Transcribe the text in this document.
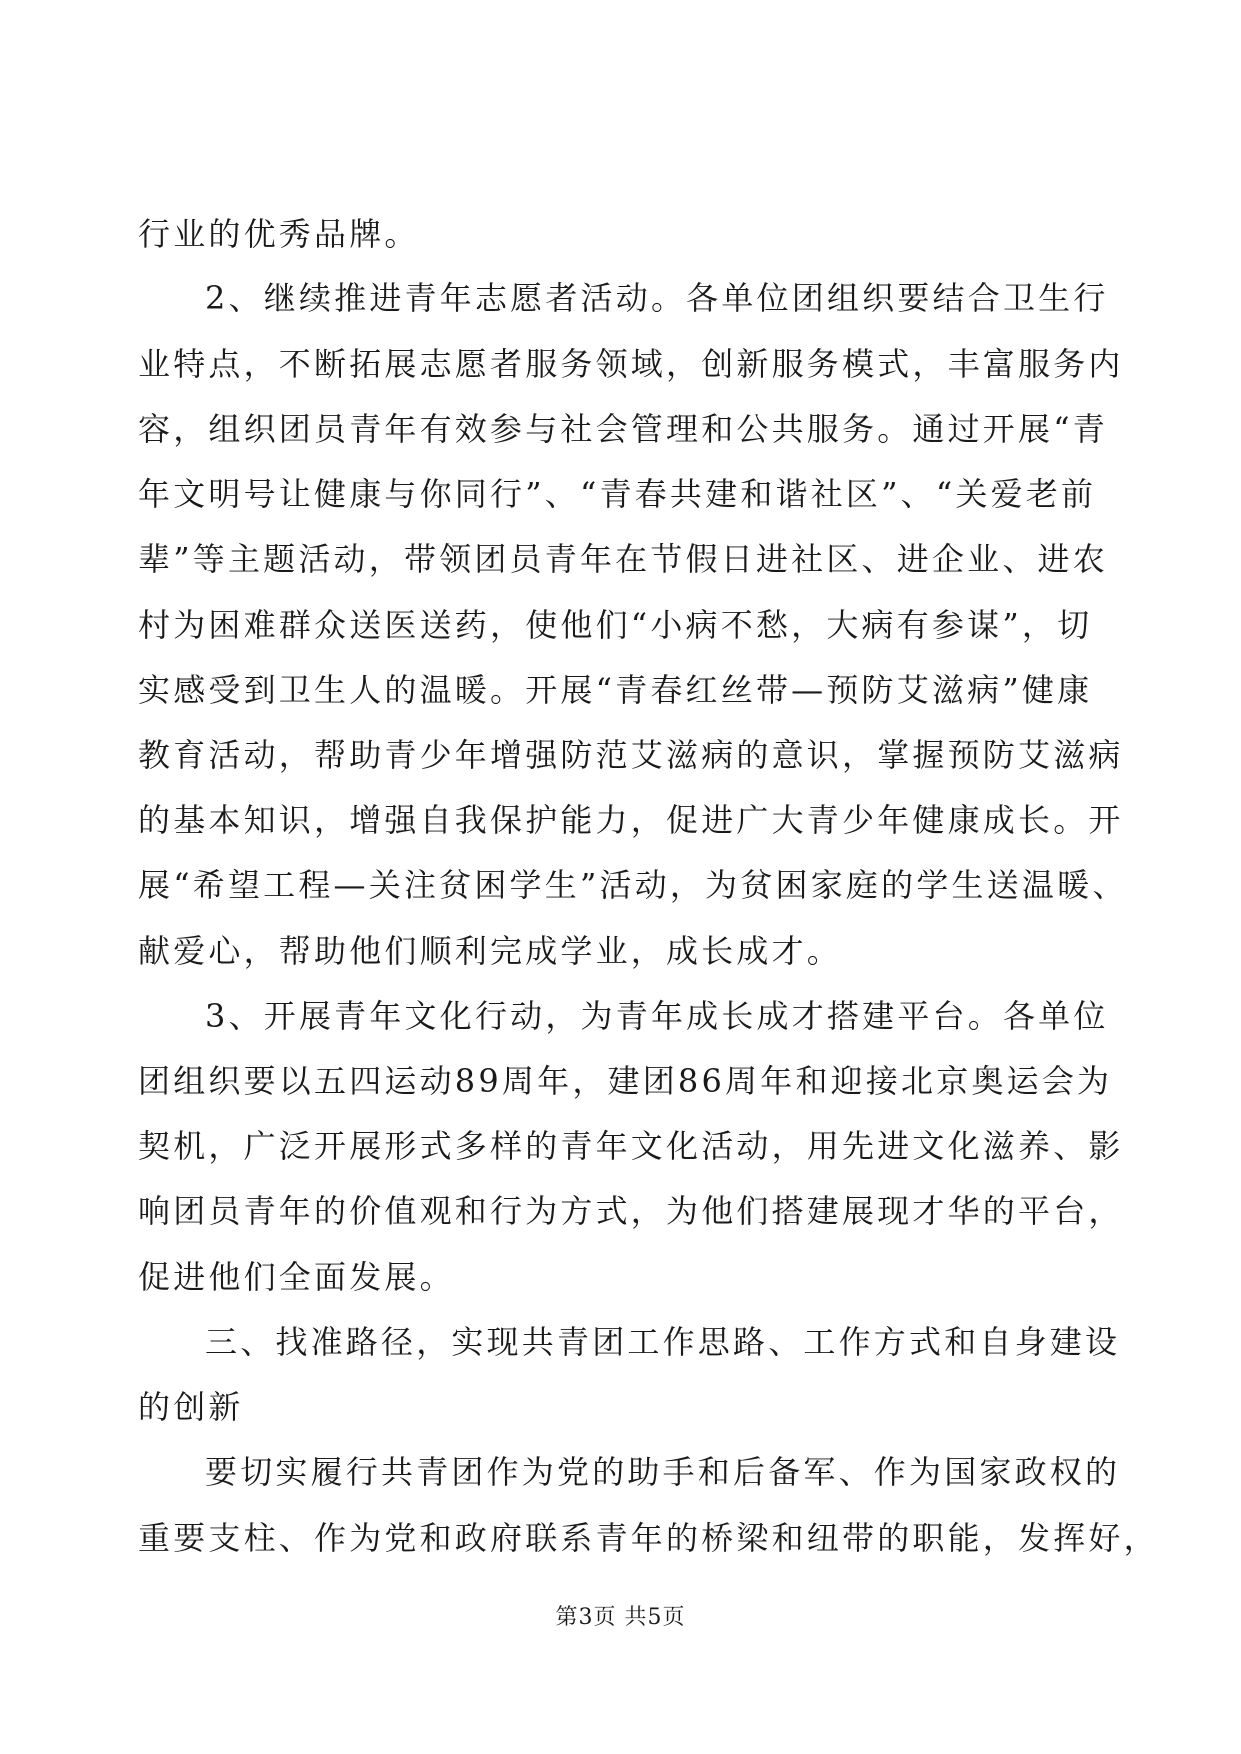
行业的优秀品牌。
2、继续推进青年志愿者活动。各单位团组织要结合卫生行
业特点，不断拓展志愿者服务领域，创新服务模式，丰富服务内
容，组织团员青年有效参与社会管理和公共服务。通过开展“青
年文明号让健康与你同行”、“青春共建和谐社区”、“关爱老前
辈”等主题活动，带领团员青年在节假日进社区、进企业、进农
村为困难群众送医送药，使他们“小病不愁，大病有参谋”，切
实感受到卫生人的温暖。开展“青春红丝带—预防艾滋病”健康
教育活动，帮助青少年增强防范艾滋病的意识，掌握预防艾滋病
的基本知识，增强自我保护能力，促进广大青少年健康成长。开
展“希望工程—关注贫困学生”活动，为贫困家庭的学生送温暖、
献爱心，帮助他们顺利完成学业，成长成才。
3、开展青年文化行动，为青年成长成才搭建平台。各单位
团组织要以五四运动89周年，建团86周年和迎接北京奥运会为
契机，广泛开展形式多样的青年文化活动，用先进文化滋养、影
响团员青年的价值观和行为方式，为他们搭建展现才华的平台，
促进他们全面发展。
三、找准路径，实现共青团工作思路、工作方式和自身建设
的创新
要切实履行共青团作为党的助手和后备军、作为国家政权的
重要支柱、作为党和政府联系青年的桥梁和纽带的职能，发挥好，
第3页 共5页
